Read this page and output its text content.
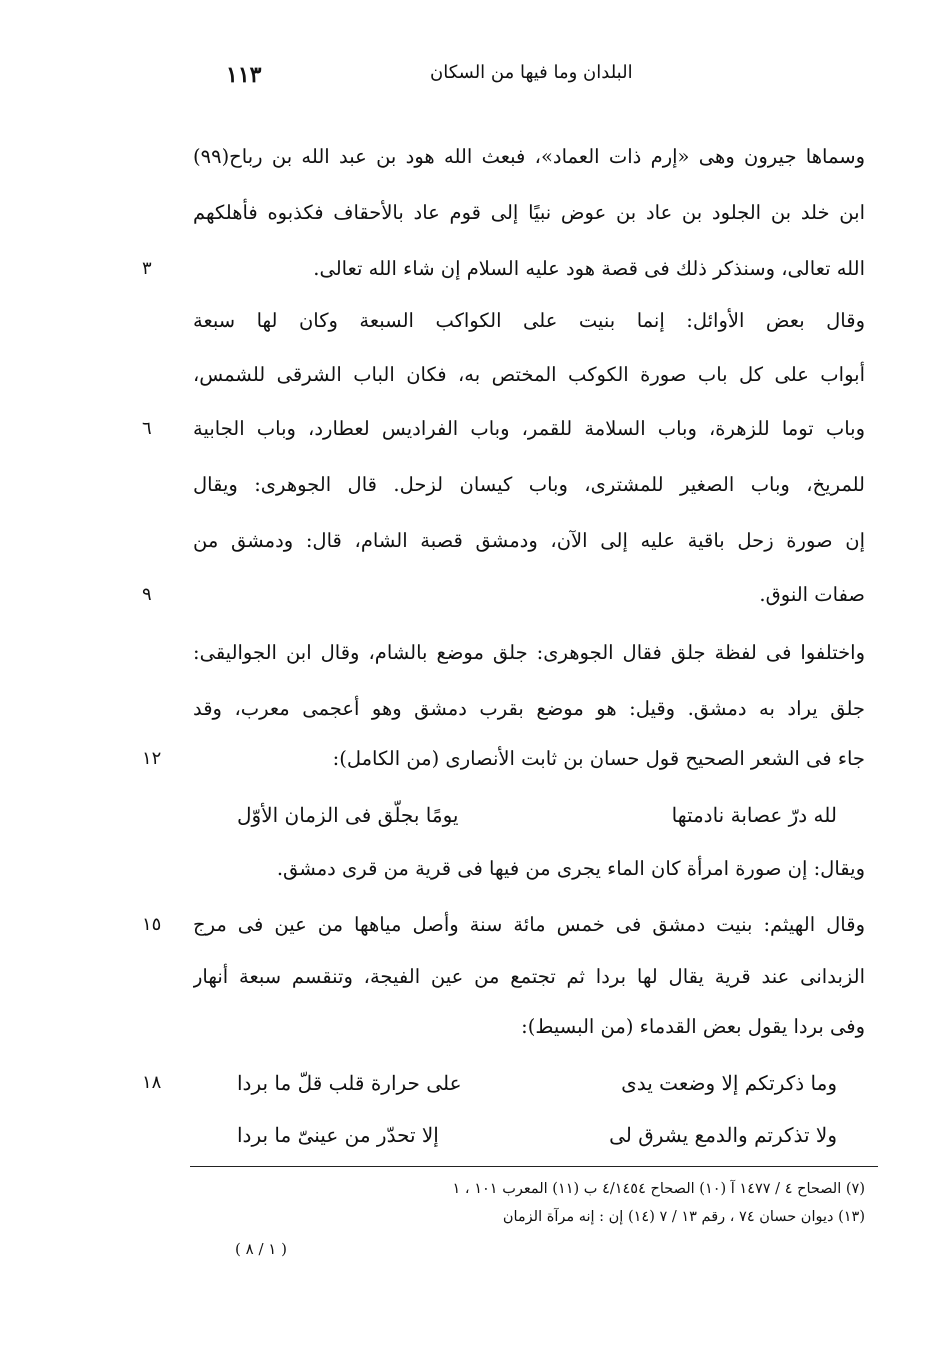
١١٣	البلدان وما فيها من السكان
وسماها جيرون وهى «إرم ذات العماد»، فبعث الله هود بن عبد الله بن رباح(٩٩)
ابن خلد بن الجلود بن عاد بن عوض نبيًا إلى قوم عاد بالأحقاف فكذبوه فأهلكهم
الله تعالى، وسنذكر ذلك فى قصة هود عليه السلام إن شاء الله تعالى.
٣
وقال بعض الأوائل: إنما بنيت على الكواكب السبعة وكان لها سبعة
أبواب على كل باب صورة الكوكب المختص به، فكان الباب الشرقى للشمس،
وباب توما للزهرة، وباب السلامة للقمر، وباب الفراديس لعطارد، وباب الجابية
٦
للمريخ، وباب الصغير للمشترى، وباب كيسان لزحل. قال الجوهرى: ويقال
إن صورة زحل باقية عليه إلى الآن، ودمشق قصبة الشام، قال: ودمشق من
صفات النوق.
٩
واختلفوا فى لفظة جلق فقال الجوهرى: جلق موضع بالشام، وقال ابن الجواليقى:
جلق يراد به دمشق. وقيل: هو موضع بقرب دمشق وهو أعجمى معرب، وقد
جاء فى الشعر الصحيح قول حسان بن ثابت الأنصارى (من الكامل):
١٢
لله درّ عصابة نادمتها
يومًا بجلّق فى الزمان الأوّل
ويقال: إن صورة امرأة كان الماء يجرى من فيها فى قرية من قرى دمشق.
وقال الهيثم: بنيت دمشق فى خمس مائة سنة وأصل مياهها من عين فى مرج
١٥
الزبدانى عند قرية يقال لها بردا ثم تجتمع من عين الفيجة، وتنقسم سبعة أنهار
وفى بردا يقول بعض القدماء (من البسيط):
وما ذكرتكم إلا وضعت يدى
على حرارة قلب قلّ ما بردا
١٨
ولا تذكرتم والدمع يشرق لى
إلا تحدّر من عينىّ ما بردا
(٧) الصحاح ٤ / ١٤٧٧ آ (١٠) الصحاح ٤/١٤٥٤ ب (١١) المعرب ١٠١ ، ١
(١٣) ديوان حسان ٧٤ ، رقم ١٣ / ٧ (١٤) إن : إنه مرآة الزمان
( ١ / ٨ )
